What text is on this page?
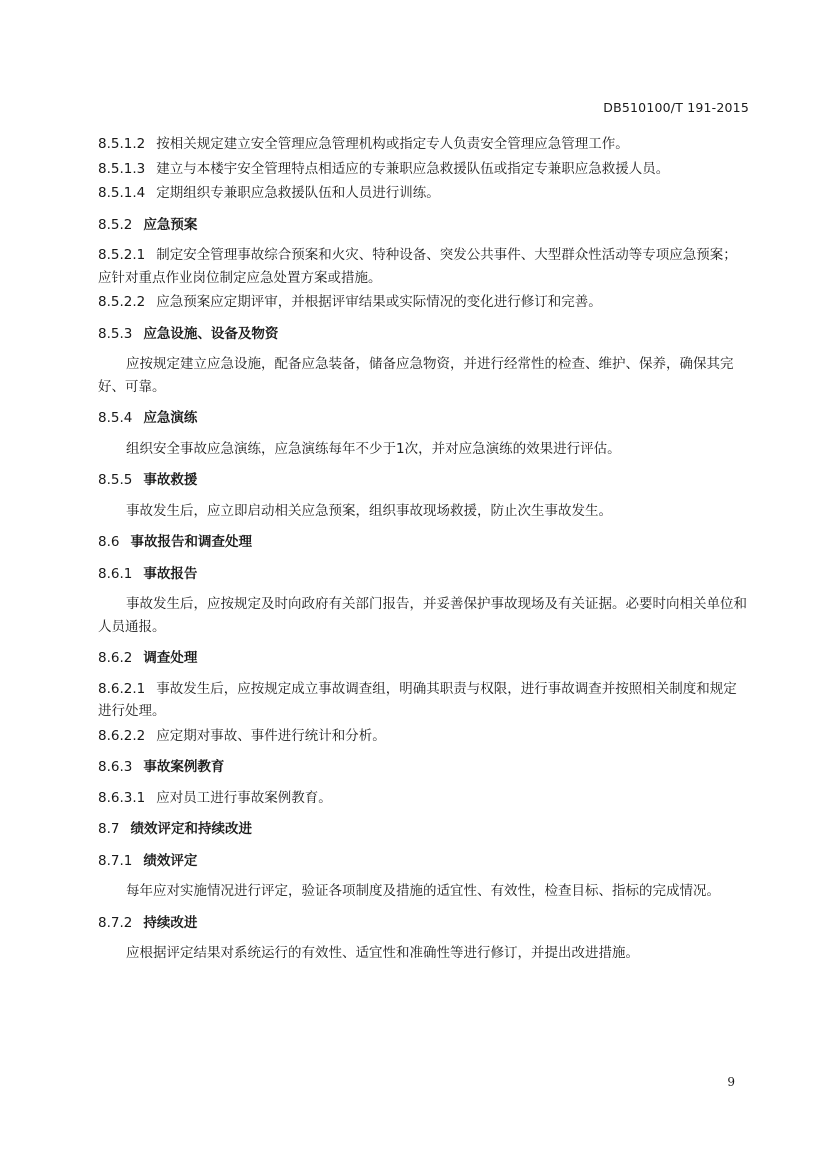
DB510100/T 191-2015

8.5.1.2 按相关规定建立安全管理应急管理机构或指定专人负责安全管理应急管理工作。

8.5.1.3 建立与本楼宇安全管理特点相适应的专兼职应急救援队伍或指定专兼职应急救援人员。

8.5.1.4 定期组织专兼职应急救援队伍和人员进行训练。

8.5.2 应急预案

8.5.2.1 制定安全管理事故综合预案和火灾、特种设备、突发公共事件、大型群众性活动等专项应急预案；应针对重点作业岗位制定应急处置方案或措施。

8.5.2.2 应急预案应定期评审，并根据评审结果或实际情况的变化进行修订和完善。

8.5.3 应急设施、设备及物资

应按规定建立应急设施，配备应急装备，储备应急物资，并进行经常性的检查、维护、保养，确保其完好、可靠。

8.5.4 应急演练

组织安全事故应急演练，应急演练每年不少于1次，并对应急演练的效果进行评估。

8.5.5 事故救援

事故发生后，应立即启动相关应急预案，组织事故现场救援，防止次生事故发生。

8.6 事故报告和调查处理

8.6.1 事故报告

事故发生后，应按规定及时向政府有关部门报告，并妥善保护事故现场及有关证据。必要时向相关单位和人员通报。

8.6.2 调查处理

8.6.2.1 事故发生后，应按规定成立事故调查组，明确其职责与权限，进行事故调查并按照相关制度和规定进行处理。

8.6.2.2 应定期对事故、事件进行统计和分析。

8.6.3 事故案例教育

8.6.3.1 应对员工进行事故案例教育。

8.7 绩效评定和持续改进

8.7.1 绩效评定

每年应对实施情况进行评定，验证各项制度及措施的适宜性、有效性，检查目标、指标的完成情况。

8.7.2 持续改进

应根据评定结果对系统运行的有效性、适宜性和准确性等进行修订，并提出改进措施。

9
